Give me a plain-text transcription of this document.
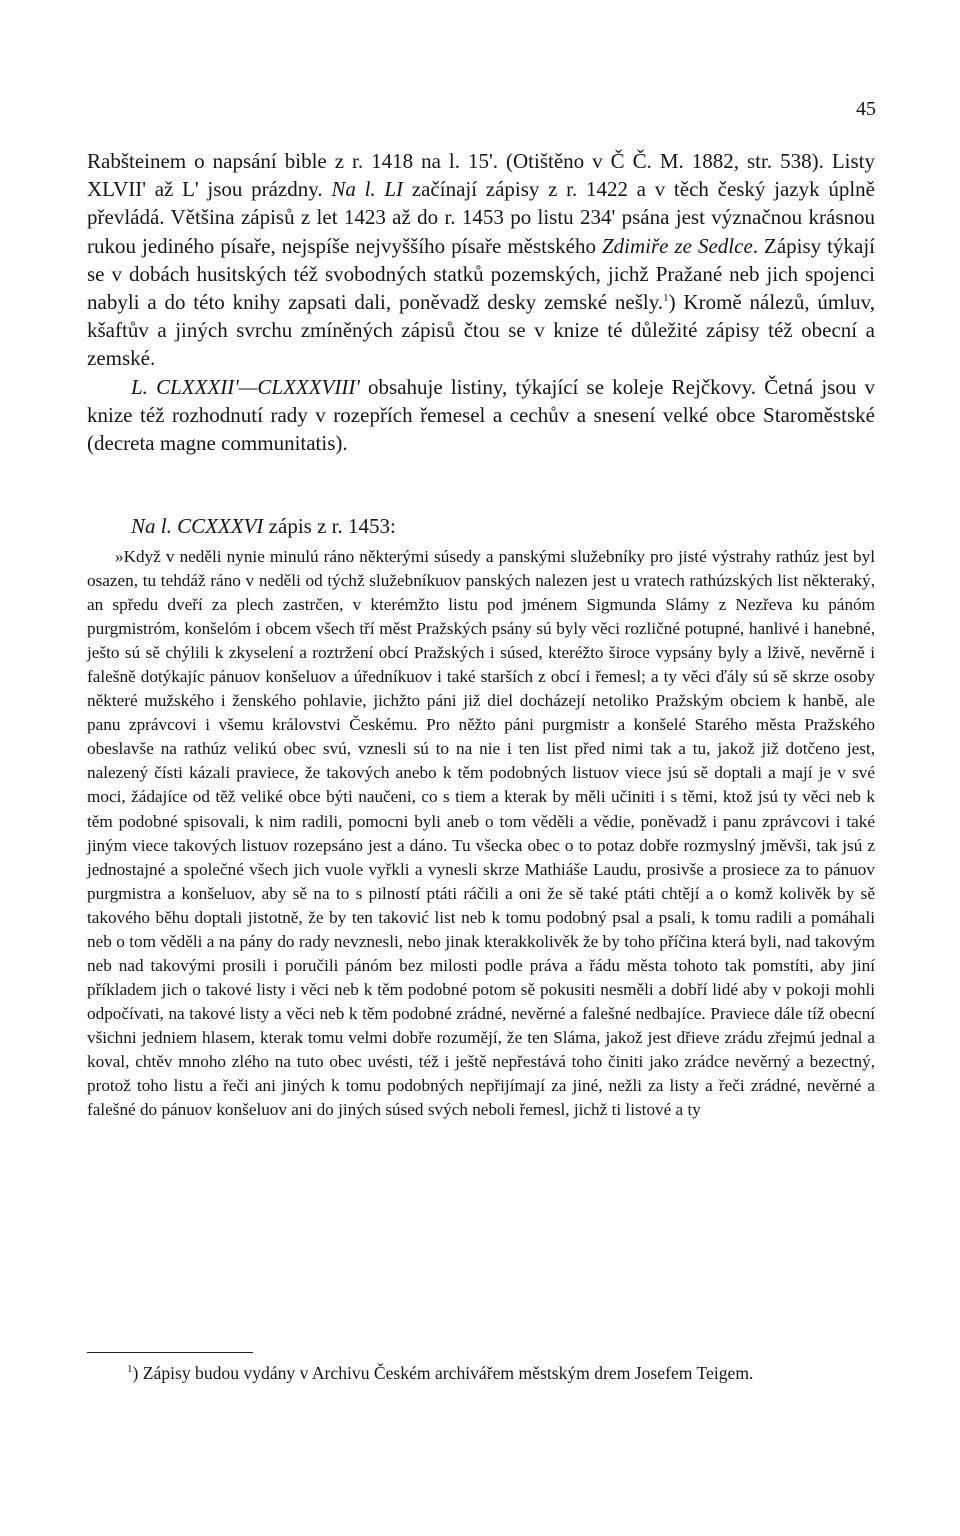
45

Rabšteinem o napsání bible z r. 1418 na l. 15'. (Otištěno v Č Č. M. 1882, str. 538). Listy XLVII' až L' jsou prázdny. Na l. LI začínají zápisy z r. 1422 a v těch český jazyk úplně převládá. Většina zápisů z let 1423 až do r. 1453 po listu 234' psána jest význačnou krásnou rukou jediného písaře, nejspíše nejvyššího písaře městského Zdimiře ze Sedlce. Zápisy týkají se v dobách husitských též svobodných statků pozemských, jichž Pražané neb jich spojenci nabyli a do této knihy zapsati dali, poněvadž desky zemské nešly.$^1$) Kromě nálezů, úmluv, kšaftův a jiných svrchu zmíněných zápisů čtou se v knize té důležité zápisy též obecní a zemské.

L. CLXXXII'—CLXXXVIII' obsahuje listiny, týkající se koleje Rejčkovy. Četná jsou v knize též rozhodnutí rady v rozepřích řemesel a cechův a snesení velké obce Staroměstské (decreta magne communitatis).

Na l. CCXXXVI zápis z r. 1453:

»Když v neděli nynie minulú ráno některými súsedy a panskými služebníky pro jisté výstrahy rathúz jest byl osazen, tu tehdáž ráno v neděli od týchž služebníkuov panských nalezen jest u vratech rathúzských list některaký, an spředu dveří za plech zastrčen, v kterémžto listu pod jménem Sigmunda Slámy z Nezřeva ku pánóm purgmistróm, konšelóm i obcem všech tří měst Pražských psány sú byly věci rozličné potupné, hanlivé i hanebné, ješto sú sě chýlili k zkyselení a roztržení obcí Pražských i súsed, kteréžto široce vypsány byly a lživě, nevěrně i falešně dotýkajíc pánuov konšeluov a úředníkuov i také starších z obcí i řemesl; a ty věci ďály sú sě skrze osoby některé mužského i ženského pohlavie, jichžto páni již diel docházejí netoliko Pražským obciem k hanbě, ale panu zprávcovi i všemu královstvi Českému. Pro něžto páni purgmistr a konšelé Starého města Pražského obeslavše na rathúz velikú obec svú, vznesli sú to na nie i ten list před nimi tak a tu, jakož již dotčeno jest, nalezený čísti kázali praviece, že takových anebo k těm podobných listuov viece jsú sě doptali a mají je v své moci, žádajíce od těž veliké obce býti naučeni, co s tiem a kterak by měli učiniti i s těmi, ktož jsú ty věci neb k těm podobné spisovali, k nim radili, pomocni byli aneb o tom věděli a vědie, poněvadž i panu zprávcovi i také jiným viece takových listuov rozepsáno jest a dáno. Tu všecka obec o to potaz dobře rozmyslný jměvši, tak jsú z jednostajné a společné všech jich vuole vyřkli a vynesli skrze Mathiáše Laudu, prosivše a prosiece za to pánuov purgmistra a konšeluov, aby sě na to s pilností ptáti ráčili a oni že sě také ptáti chtějí a o komž kolivěk by sě takového běhu doptali jistotně, že by ten taković list neb k tomu podobný psal a psali, k tomu radili a pomáhali neb o tom věděli a na pány do rady nevznesli, nebo jinak kterakkolivěk že by toho příčina která byli, nad takovým neb nad takovými prosili i poručili pánóm bez milosti podle práva a řádu města tohoto tak pomstíti, aby jiní příkladem jich o takové listy i věci neb k těm podobné potom sě pokusiti nesměli a dobří lidé aby v pokoji mohli odpočívati, na takové listy a věci neb k těm podobné zrádné, nevěrné a falešné nedbajíce. Praviece dále tíž obecní všichni jedniem hlasem, kterak tomu velmi dobře rozumějí, že ten Sláma, jakož jest dřieve zrádu zřejmú jednal a koval, chtěv mnoho zlého na tuto obec uvésti, též i ještě nepřestává toho činiti jako zrádce nevěrný a bezectný, protož toho listu a řeči ani jiných k tomu podobných nepřijímají za jiné, nežli za listy a řeči zrádné, nevěrné a falešné do pánuov konšeluov ani do jiných súsed svých neboli řemesl, jichž ti listové a ty

$^1$) Zápisy budou vydány v Archivu Českém archivářem městským drem Josefem Teigem.
